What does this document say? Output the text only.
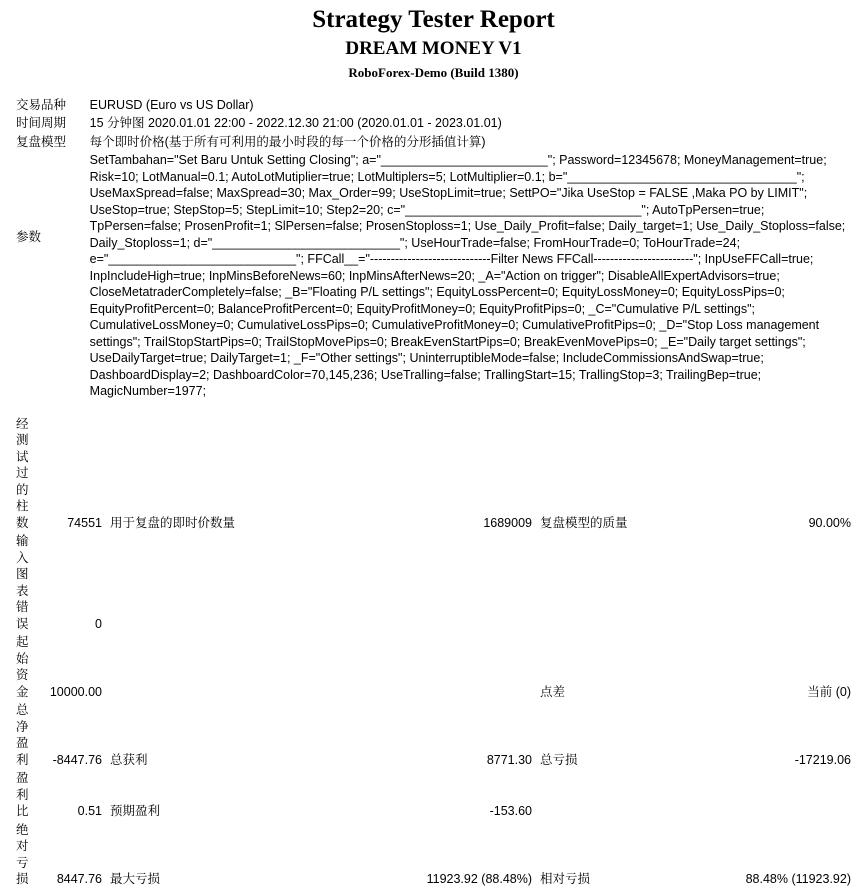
Strategy Tester Report
DREAM MONEY V1
RoboForex-Demo (Build 1380)
交易品种	EURUSD (Euro vs US Dollar)
时间周期	15 分钟图 2020.01.01 22:00 - 2022.12.30 21:00 (2020.01.01 - 2023.01.01)
复盘模型	每个即时价格(基于所有可利用的最小时段的每一个价格的分形插值计算)
参数	SetTambahan="Set Baru Untuk Setting Closing"; a="________________________"; Password=12345678; MoneyManagement=true; Risk=10; LotManual=0.1; AutoLotMutiplier=true; LotMultiplers=5; LotMultiplier=0.1; b="_________________________________"; UseMaxSpread=false; MaxSpread=30; Max_Order=99; UseStopLimit=true; SettPO="Jika UseStop = FALSE ,Maka PO by LIMIT"; UseStop=true; StepStop=5; StepLimit=10; Step2=20; c="__________________________________"; AutoTpPersen=true; TpPersen=false; ProsenProfit=1; SlPersen=false; ProsenStoploss=1; Use_Daily_Profit=false; Daily_target=1; Use_Daily_Stoploss=false; Daily_Stoploss=1; d="___________________________"; UseHourTrade=false; FromHourTrade=0; ToHourTrade=24; e="___________________________"; FFCall__="-----------------------------Filter News FFCall------------------------"; InpUseFFCall=true; InpIncludeHigh=true; InpMinsBeforeNews=60; InpMinsAfterNews=20; _A="Action on trigger"; DisableAllExpertAdvisors=true; CloseMetatraderCompletely=false; _B="Floating P/L settings"; EquityLossPercent=0; EquityLossMoney=0; EquityLossPips=0; EquityProfitPercent=0; BalanceProfitPercent=0; EquityProfitMoney=0; EquityProfitPips=0; _C="Cumulative P/L settings"; CumulativeLossMoney=0; CumulativeLossPips=0; CumulativeProfitMoney=0; CumulativeProfitPips=0; _D="Stop Loss management settings"; TrailStopStartPips=0; TrailStopMovePips=0; BreakEvenStartPips=0; BreakEvenMovePips=0; _E="Daily target settings"; UseDailyTarget=true; DailyTarget=1; _F="Other settings"; UninterruptibleMode=false; IncludeCommissionsAndSwap=true; DashboardDisplay=2; DashboardColor=70,145,236; UseTralling=false; TrallingStart=15; TrallingStop=3; TrailingBep=true; MagicNumber=1977;
经测试过的柱数	74551	用于复盘的即时价数量	1689009	复盘模型的质量	90.00%
输入图表错误	0				
起始资金	10000.00			点差	当前 (0)
总净盈利	-8447.76	总获利	8771.30	总亏损	-17219.06
盈利比	0.51	预期盈利	-153.60		
绝对亏损	8447.76	最大亏损	11923.92 (88.48%)	相对亏损	88.48% (11923.92)
